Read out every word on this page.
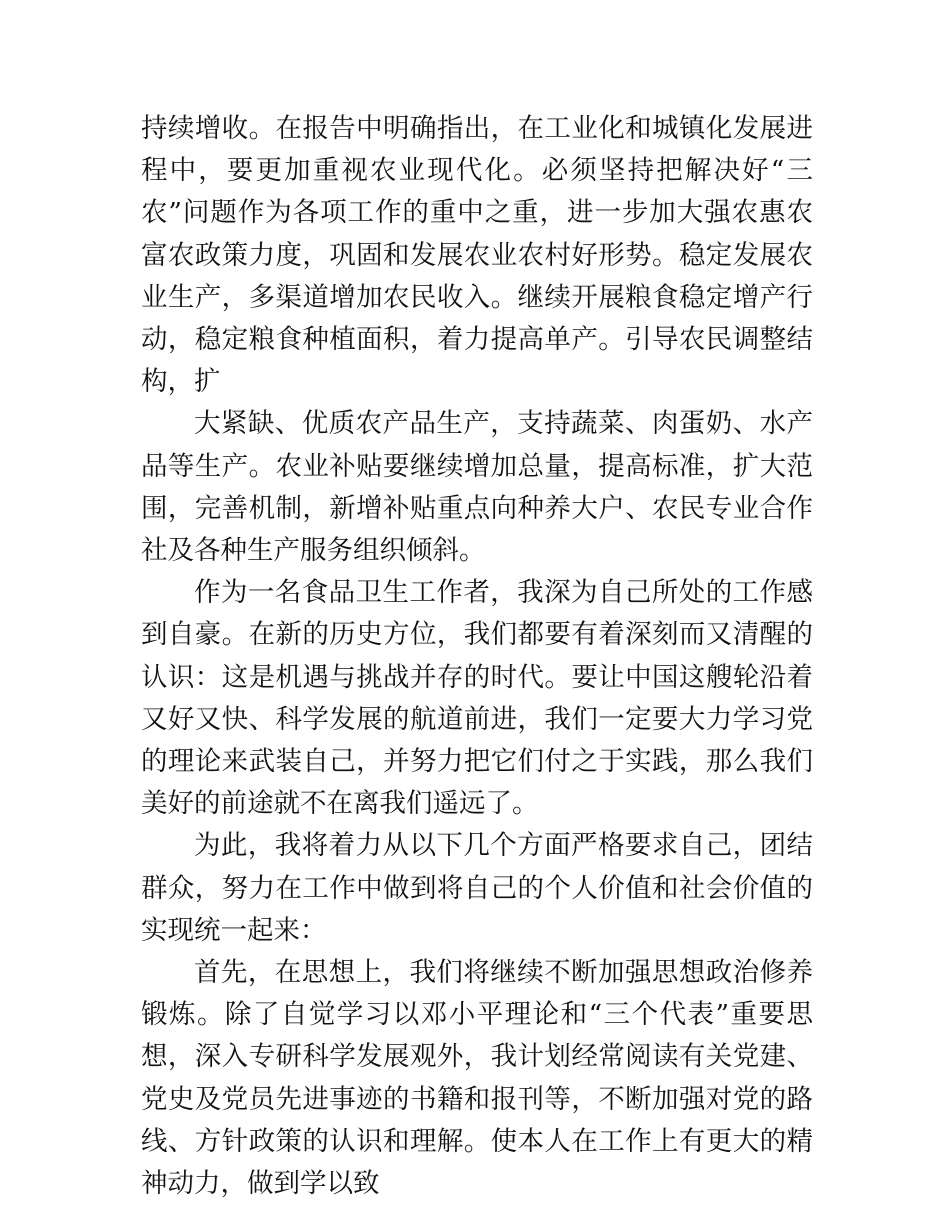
持续增收。在报告中明确指出，在工业化和城镇化发展进程中，要更加重视农业现代化。必须坚持把解决好“三农”问题作为各项工作的重中之重，进一步加大强农惠农富农政策力度，巩固和发展农业农村好形势。稳定发展农业生产，多渠道增加农民收入。继续开展粮食稳定增产行动，稳定粮食种植面积，着力提高单产。引导农民调整结构，扩

大紧缺、优质农产品生产，支持蔬菜、肉蛋奶、水产品等生产。农业补贴要继续增加总量，提高标准，扩大范围，完善机制，新增补贴重点向种养大户、农民专业合作社及各种生产服务组织倾斜。

作为一名食品卫生工作者，我深为自己所处的工作感到自豪。在新的历史方位，我们都要有着深刻而又清醒的认识：这是机遇与挑战并存的时代。要让中国这艘轮沿着又好又快、科学发展的航道前进，我们一定要大力学习党的理论来武装自己，并努力把它们付之于实践，那么我们美好的前途就不在离我们遥远了。

为此，我将着力从以下几个方面严格要求自己，团结群众，努力在工作中做到将自己的个人价值和社会价值的实现统一起来：

首先，在思想上，我们将继续不断加强思想政治修养锻炼。除了自觉学习以邓小平理论和“三个代表”重要思想，深入专研科学发展观外，我计划经常阅读有关党建、党史及党员先进事迹的书籍和报刊等，不断加强对党的路线、方针政策的认识和理解。使本人在工作上有更大的精神动力，做到学以致
